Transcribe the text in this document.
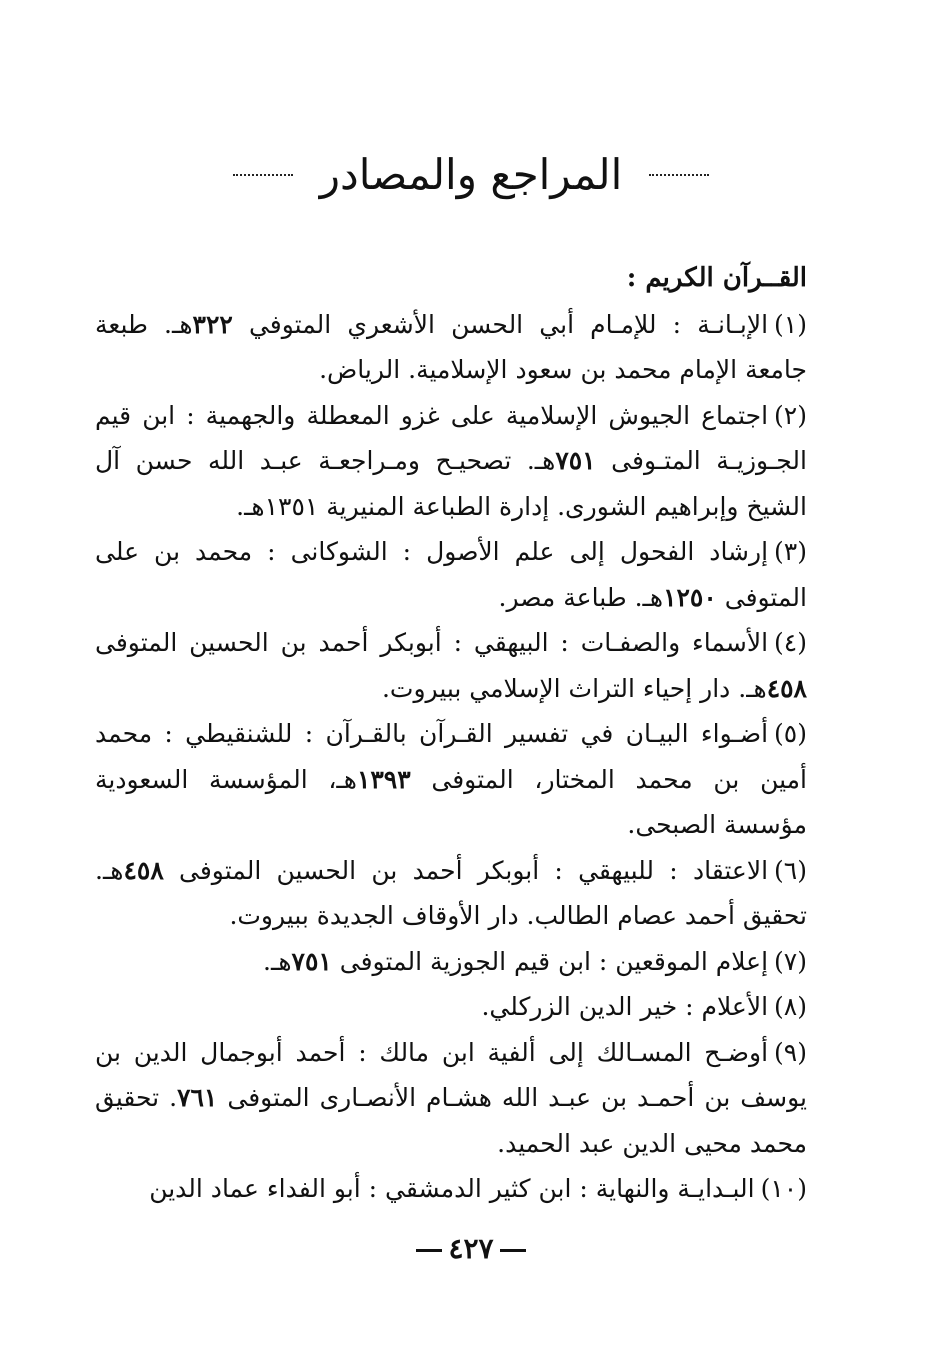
المراجع والمصادر
القــرآن الكريم :

(١)الإبـانـة : للإمـام أبي الحسن الأشعري المتوفي ٣٢٢هـ. طبعة جامعة الإمام محمد بن سعود الإسلامية. الرياض.

(٢)اجتماع الجيوش الإسلامية على غزو المعطلة والجهمية : ابن قيم الجـوزيـة المتـوفى ٧٥١هـ. تصحيـح ومـراجعـة عبـد الله حسن آل الشيخ وإبراهيم الشورى. إدارة الطباعة المنيرية ١٣٥١هـ.

(٣)إرشاد الفحول إلى علم الأصول : الشوكانى : محمد بن على المتوفى ١٢٥٠هـ. طباعة مصر.

(٤)الأسماء والصفـات : البيهقي : أبوبكر أحمد بن الحسين المتوفى ٤٥٨هـ. دار إحياء التراث الإسلامي ببيروت.

(٥)أضـواء البيـان في تفسير القـرآن بالقـرآن : للشنقيطي : محمد أمين بن محمد المختار، المتوفى ١٣٩٣هـ، المؤسسة السعودية مؤسسة الصبحى.

(٦)الاعتقاد : للبيهقي : أبوبكر أحمد بن الحسين المتوفى ٤٥٨هـ. تحقيق أحمد عصام الطالب. دار الأوقاف الجديدة ببيروت.

(٧)إعلام الموقعين : ابن قيم الجوزية المتوفى ٧٥١هـ.

(٨)الأعلام : خير الدين الزركلي.

(٩)أوضـح المسـالك إلى ألفية ابن مالك : أحمد أبوجمال الدين بن يوسف بن أحمـد بن عبـد الله هشـام الأنصـارى المتوفى ٧٦١. تحقيق محمد محيى الدين عبد الحميد.

(١٠)البـدايـة والنهاية : ابن كثير الدمشقي : أبو الفداء عماد الدين

٤٢٧
